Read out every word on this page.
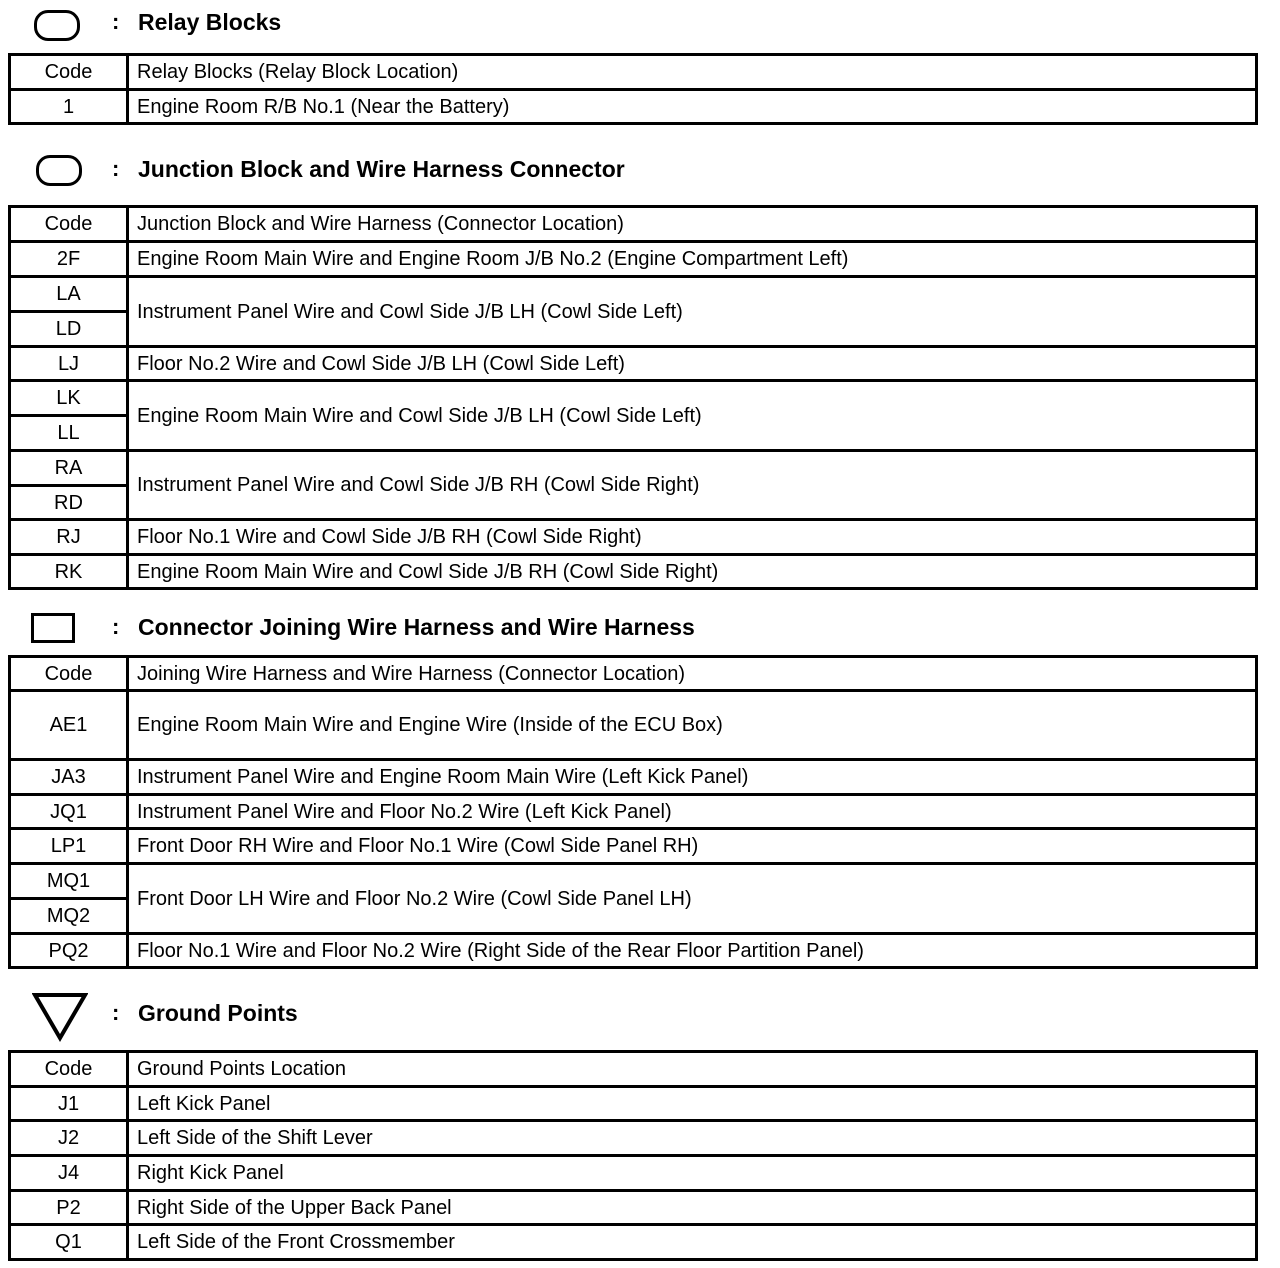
: Relay Blocks
Code	Relay Blocks (Relay Block Location)
1	Engine Room R/B No.1 (Near the Battery)
: Junction Block and Wire Harness Connector
Code	Junction Block and Wire Harness (Connector Location)
2F	Engine Room Main Wire and Engine Room J/B No.2 (Engine Compartment Left)
LA	Instrument Panel Wire and Cowl Side J/B LH (Cowl Side Left)
LD	
LJ	Floor No.2 Wire and Cowl Side J/B LH (Cowl Side Left)
LK	Engine Room Main Wire and Cowl Side J/B LH (Cowl Side Left)
LL	
RA	Instrument Panel Wire and Cowl Side J/B RH (Cowl Side Right)
RD	
RJ	Floor No.1 Wire and Cowl Side J/B RH (Cowl Side Right)
RK	Engine Room Main Wire and Cowl Side J/B RH (Cowl Side Right)
: Connector Joining Wire Harness and Wire Harness
Code	Joining Wire Harness and Wire Harness (Connector Location)
AE1	Engine Room Main Wire and Engine Wire (Inside of the ECU Box)
JA3	Instrument Panel Wire and Engine Room Main Wire (Left Kick Panel)
JQ1	Instrument Panel Wire and Floor No.2 Wire (Left Kick Panel)
LP1	Front Door RH Wire and Floor No.1 Wire (Cowl Side Panel RH)
MQ1	Front Door LH Wire and Floor No.2 Wire (Cowl Side Panel LH)
MQ2	
PQ2	Floor No.1 Wire and Floor No.2 Wire (Right Side of the Rear Floor Partition Panel)
: Ground Points
Code	Ground Points Location
J1	Left Kick Panel
J2	Left Side of the Shift Lever
J4	Right Kick Panel
P2	Right Side of the Upper Back Panel
Q1	Left Side of the Front Crossmember
